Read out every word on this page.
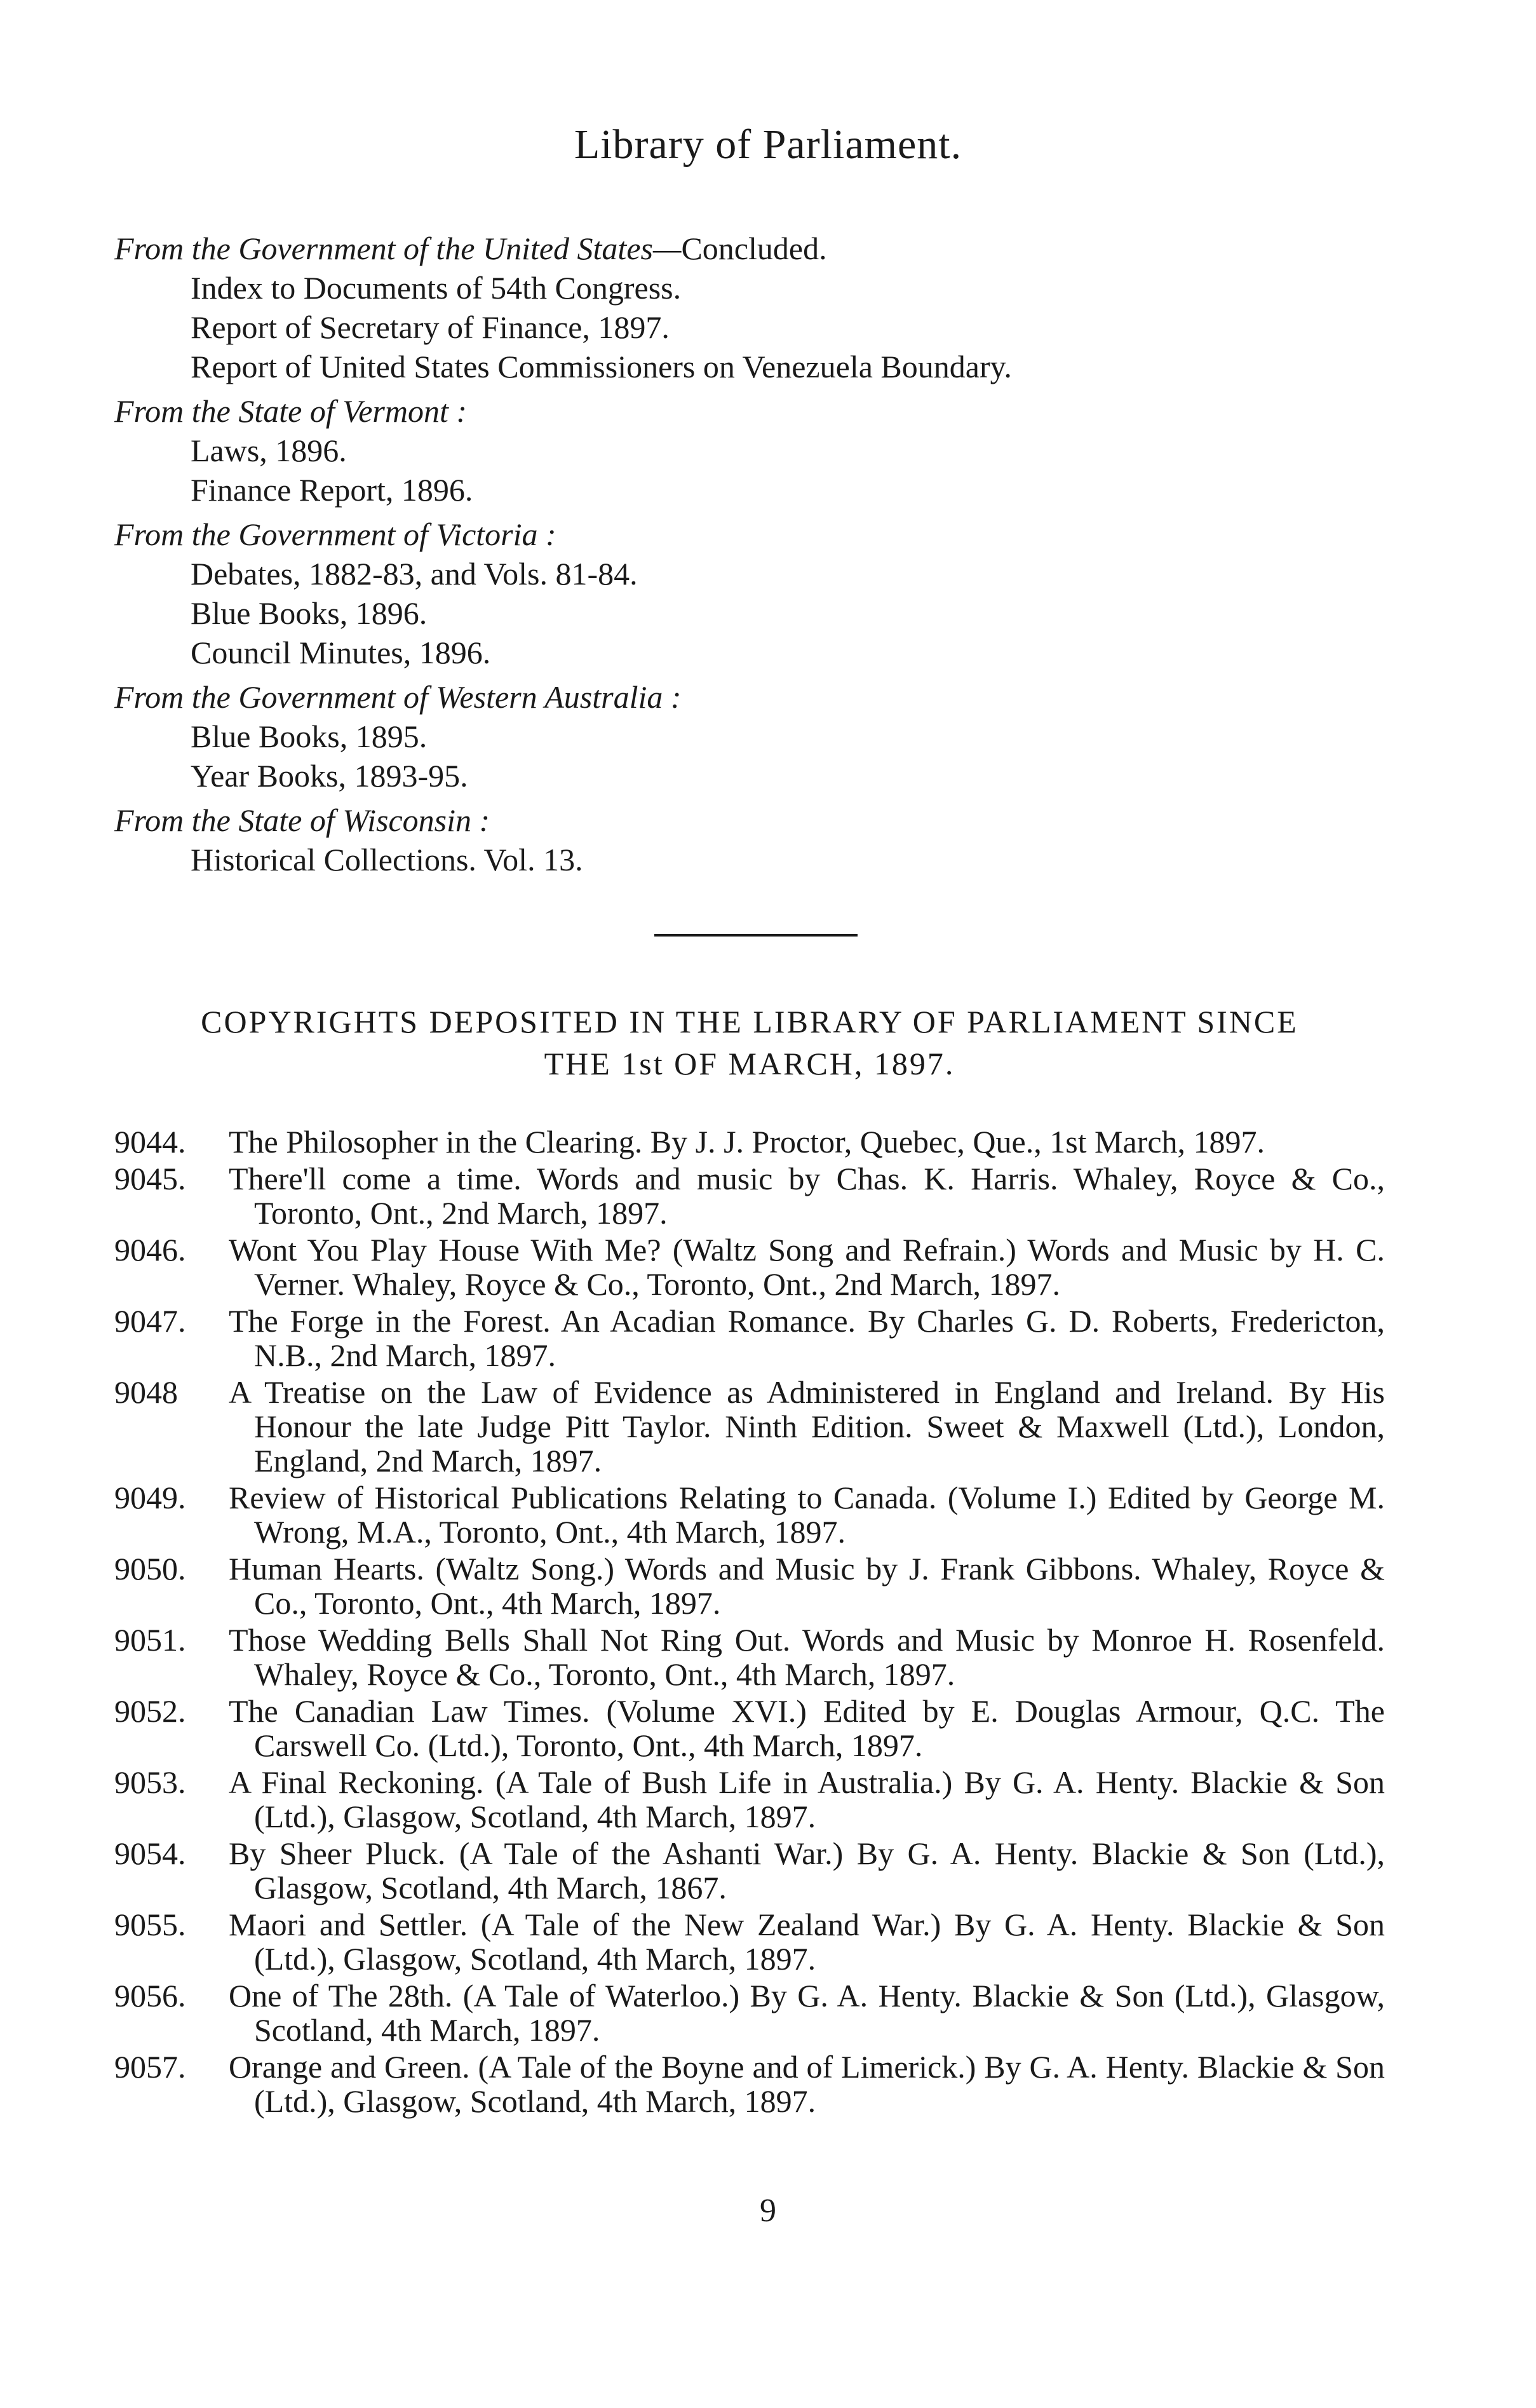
Library of Parliament.

From the Government of the United States—Concluded.

Index to Documents of 54th Congress.
Report of Secretary of Finance, 1897.
Report of United States Commissioners on Venezuela Boundary.

From the State of Vermont :

Laws, 1896.
Finance Report, 1896.

From the Government of Victoria :

Debates, 1882-83, and Vols. 81-84.
Blue Books, 1896.
Council Minutes, 1896.

From the Government of Western Australia :

Blue Books, 1895.
Year Books, 1893-95.

From the State of Wisconsin :

Historical Collections. Vol. 13.
COPYRIGHTS DEPOSITED IN THE LIBRARY OF PARLIAMENT SINCE
THE 1st OF MARCH, 1897.
9044.	The Philosopher in the Clearing. By J. J. Proctor, Quebec, Que., 1st March, 1897.
9045.	There'll come a time. Words and music by Chas. K. Harris. Whaley, Royce & Co., Toronto, Ont., 2nd March, 1897.
9046.	Wont You Play House With Me? (Waltz Song and Refrain.) Words and Music by H. C. Verner. Whaley, Royce & Co., Toronto, Ont., 2nd March, 1897.
9047.	The Forge in the Forest. An Acadian Romance. By Charles G. D. Roberts, Fredericton, N.B., 2nd March, 1897.
9048	A Treatise on the Law of Evidence as Administered in England and Ireland. By His Honour the late Judge Pitt Taylor. Ninth Edition. Sweet & Maxwell (Ltd.), London, England, 2nd March, 1897.
9049.	Review of Historical Publications Relating to Canada. (Volume I.) Edited by George M. Wrong, M.A., Toronto, Ont., 4th March, 1897.
9050.	Human Hearts. (Waltz Song.) Words and Music by J. Frank Gibbons. Whaley, Royce & Co., Toronto, Ont., 4th March, 1897.
9051.	Those Wedding Bells Shall Not Ring Out. Words and Music by Monroe H. Rosenfeld. Whaley, Royce & Co., Toronto, Ont., 4th March, 1897.
9052.	The Canadian Law Times. (Volume XVI.) Edited by E. Douglas Armour, Q.C. The Carswell Co. (Ltd.), Toronto, Ont., 4th March, 1897.
9053.	A Final Reckoning. (A Tale of Bush Life in Australia.) By G. A. Henty. Blackie & Son (Ltd.), Glasgow, Scotland, 4th March, 1897.
9054.	By Sheer Pluck. (A Tale of the Ashanti War.) By G. A. Henty. Blackie & Son (Ltd.), Glasgow, Scotland, 4th March, 1867.
9055.	Maori and Settler. (A Tale of the New Zealand War.) By G. A. Henty. Blackie & Son (Ltd.), Glasgow, Scotland, 4th March, 1897.
9056.	One of The 28th. (A Tale of Waterloo.) By G. A. Henty. Blackie & Son (Ltd.), Glasgow, Scotland, 4th March, 1897.
9057.	Orange and Green. (A Tale of the Boyne and of Limerick.) By G. A. Henty. Blackie & Son (Ltd.), Glasgow, Scotland, 4th March, 1897.
9
